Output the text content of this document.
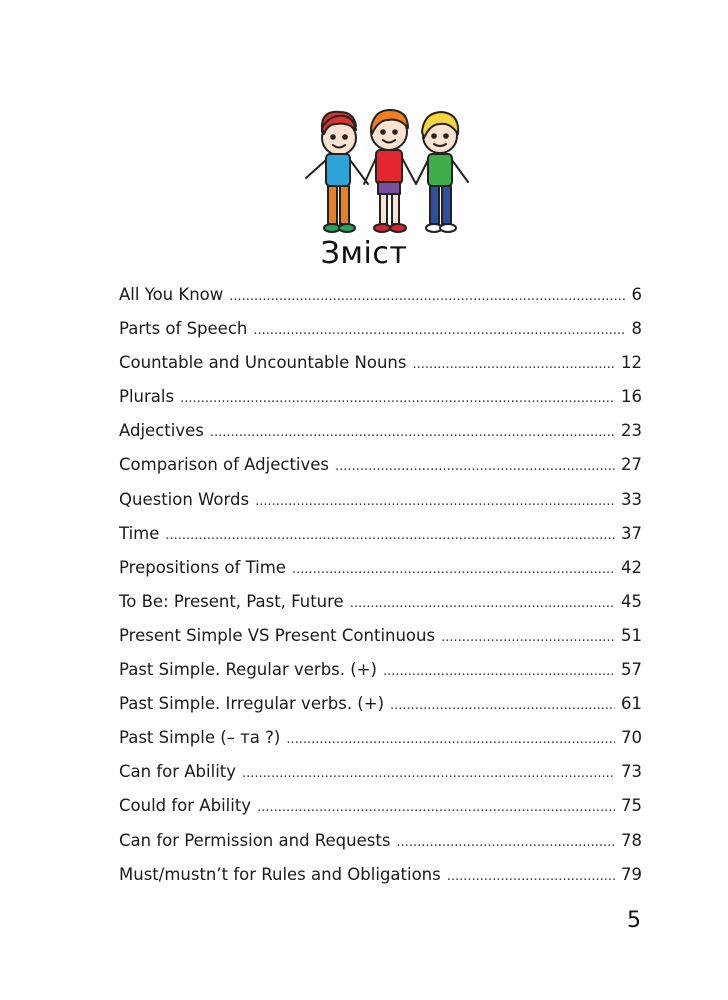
Зміст
All You Know .....	6
Parts of Speech .....	8
Countable and Uncountable Nouns .....	12
Plurals .....	16
Adjectives .....	23
Comparison of Adjectives .....	27
Question Words .....	33
Time .....	37
Prepositions of Time .....	42
To Be: Present, Past, Future .....	45
Present Simple VS Present Continuous .....	51
Past Simple. Regular verbs. (+) .....	57
Past Simple. Irregular verbs. (+) .....	61
Past Simple (– та ?) .....	70
Can for Ability .....	73
Could for Ability .....	75
Can for Permission and Requests .....	78
Must/mustn’t for Rules and Obligations .....	79
5
